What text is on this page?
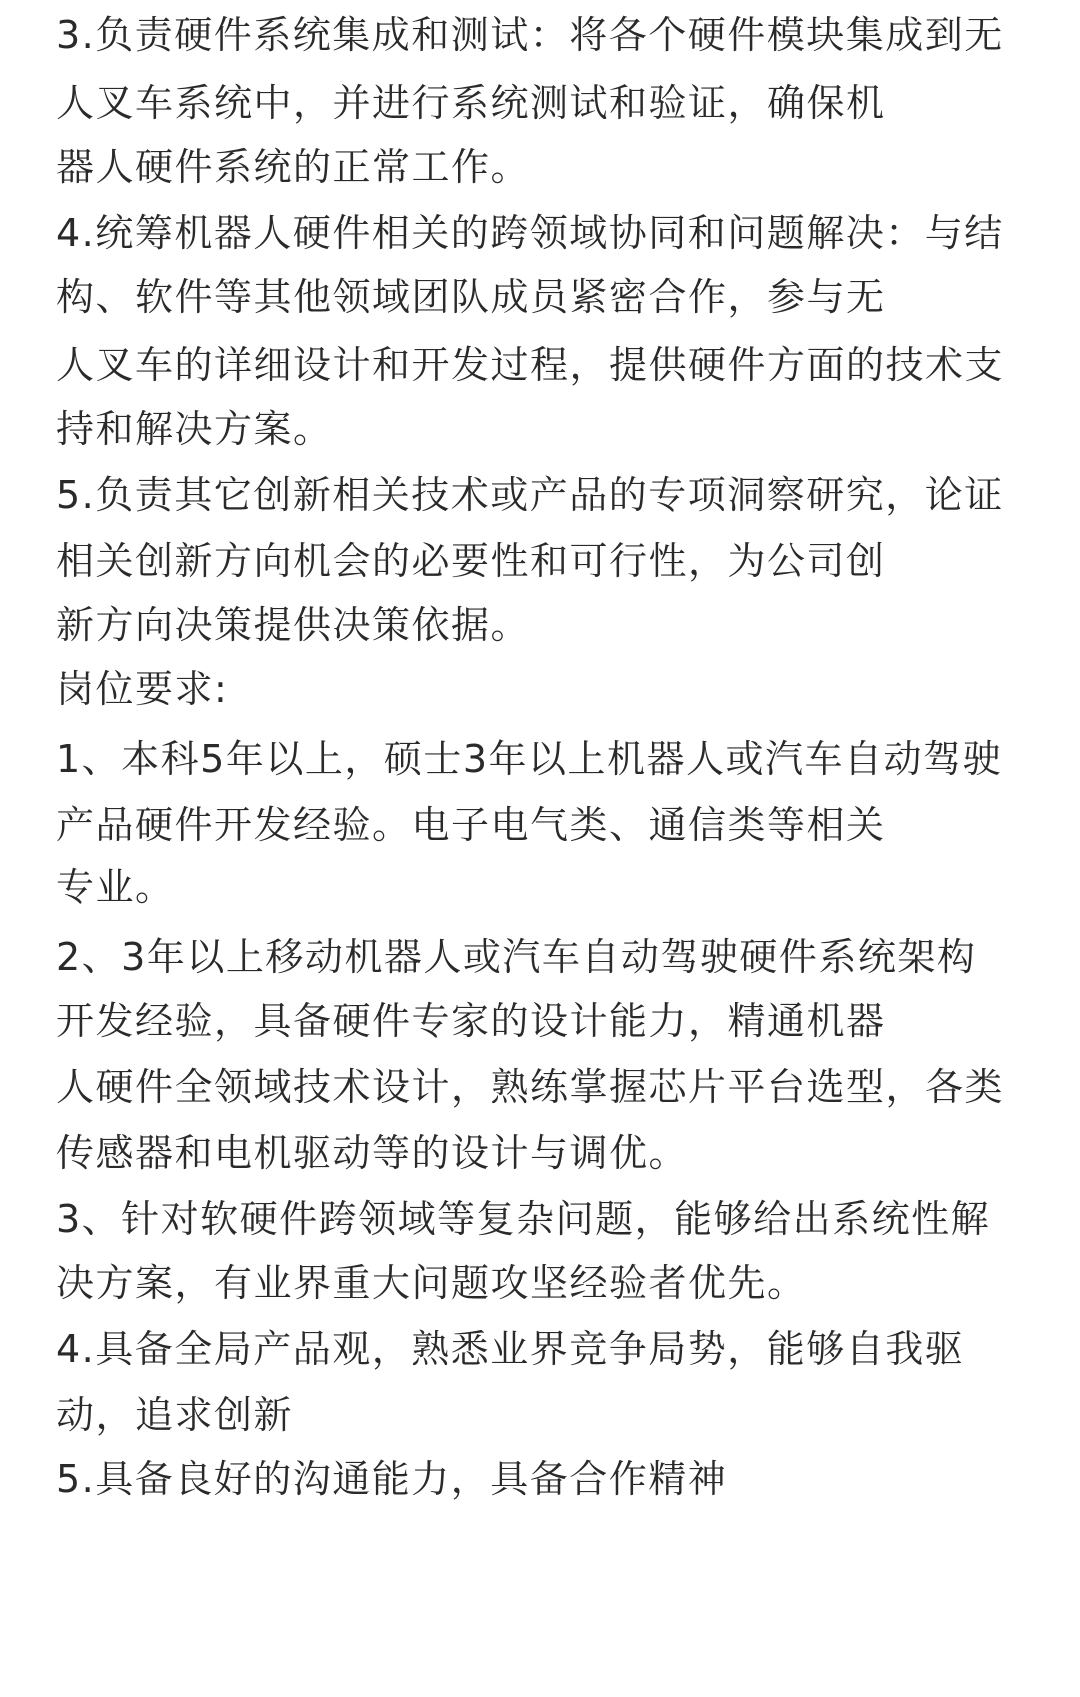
3.负责硬件系统集成和测试：将各个硬件模块集成到无
人叉车系统中，并进行系统测试和验证，确保机
器人硬件系统的正常工作。
4.统筹机器人硬件相关的跨领域协同和问题解决：与结
构、软件等其他领域团队成员紧密合作，参与无
人叉车的详细设计和开发过程，提供硬件方面的技术支
持和解决方案。
5.负责其它创新相关技术或产品的专项洞察研究，论证
相关创新方向机会的必要性和可行性，为公司创
新方向决策提供决策依据。
岗位要求:
1、本科5年以上，硕士3年以上机器人或汽车自动驾驶
产品硬件开发经验。电子电气类、通信类等相关
专业。
2、3年以上移动机器人或汽车自动驾驶硬件系统架构
开发经验，具备硬件专家的设计能力，精通机器
人硬件全领域技术设计，熟练掌握芯片平台选型，各类
传感器和电机驱动等的设计与调优。
3、针对软硬件跨领域等复杂问题，能够给出系统性解
决方案，有业界重大问题攻坚经验者优先。
4.具备全局产品观，熟悉业界竞争局势，能够自我驱
动，追求创新
5.具备良好的沟通能力，具备合作精神
